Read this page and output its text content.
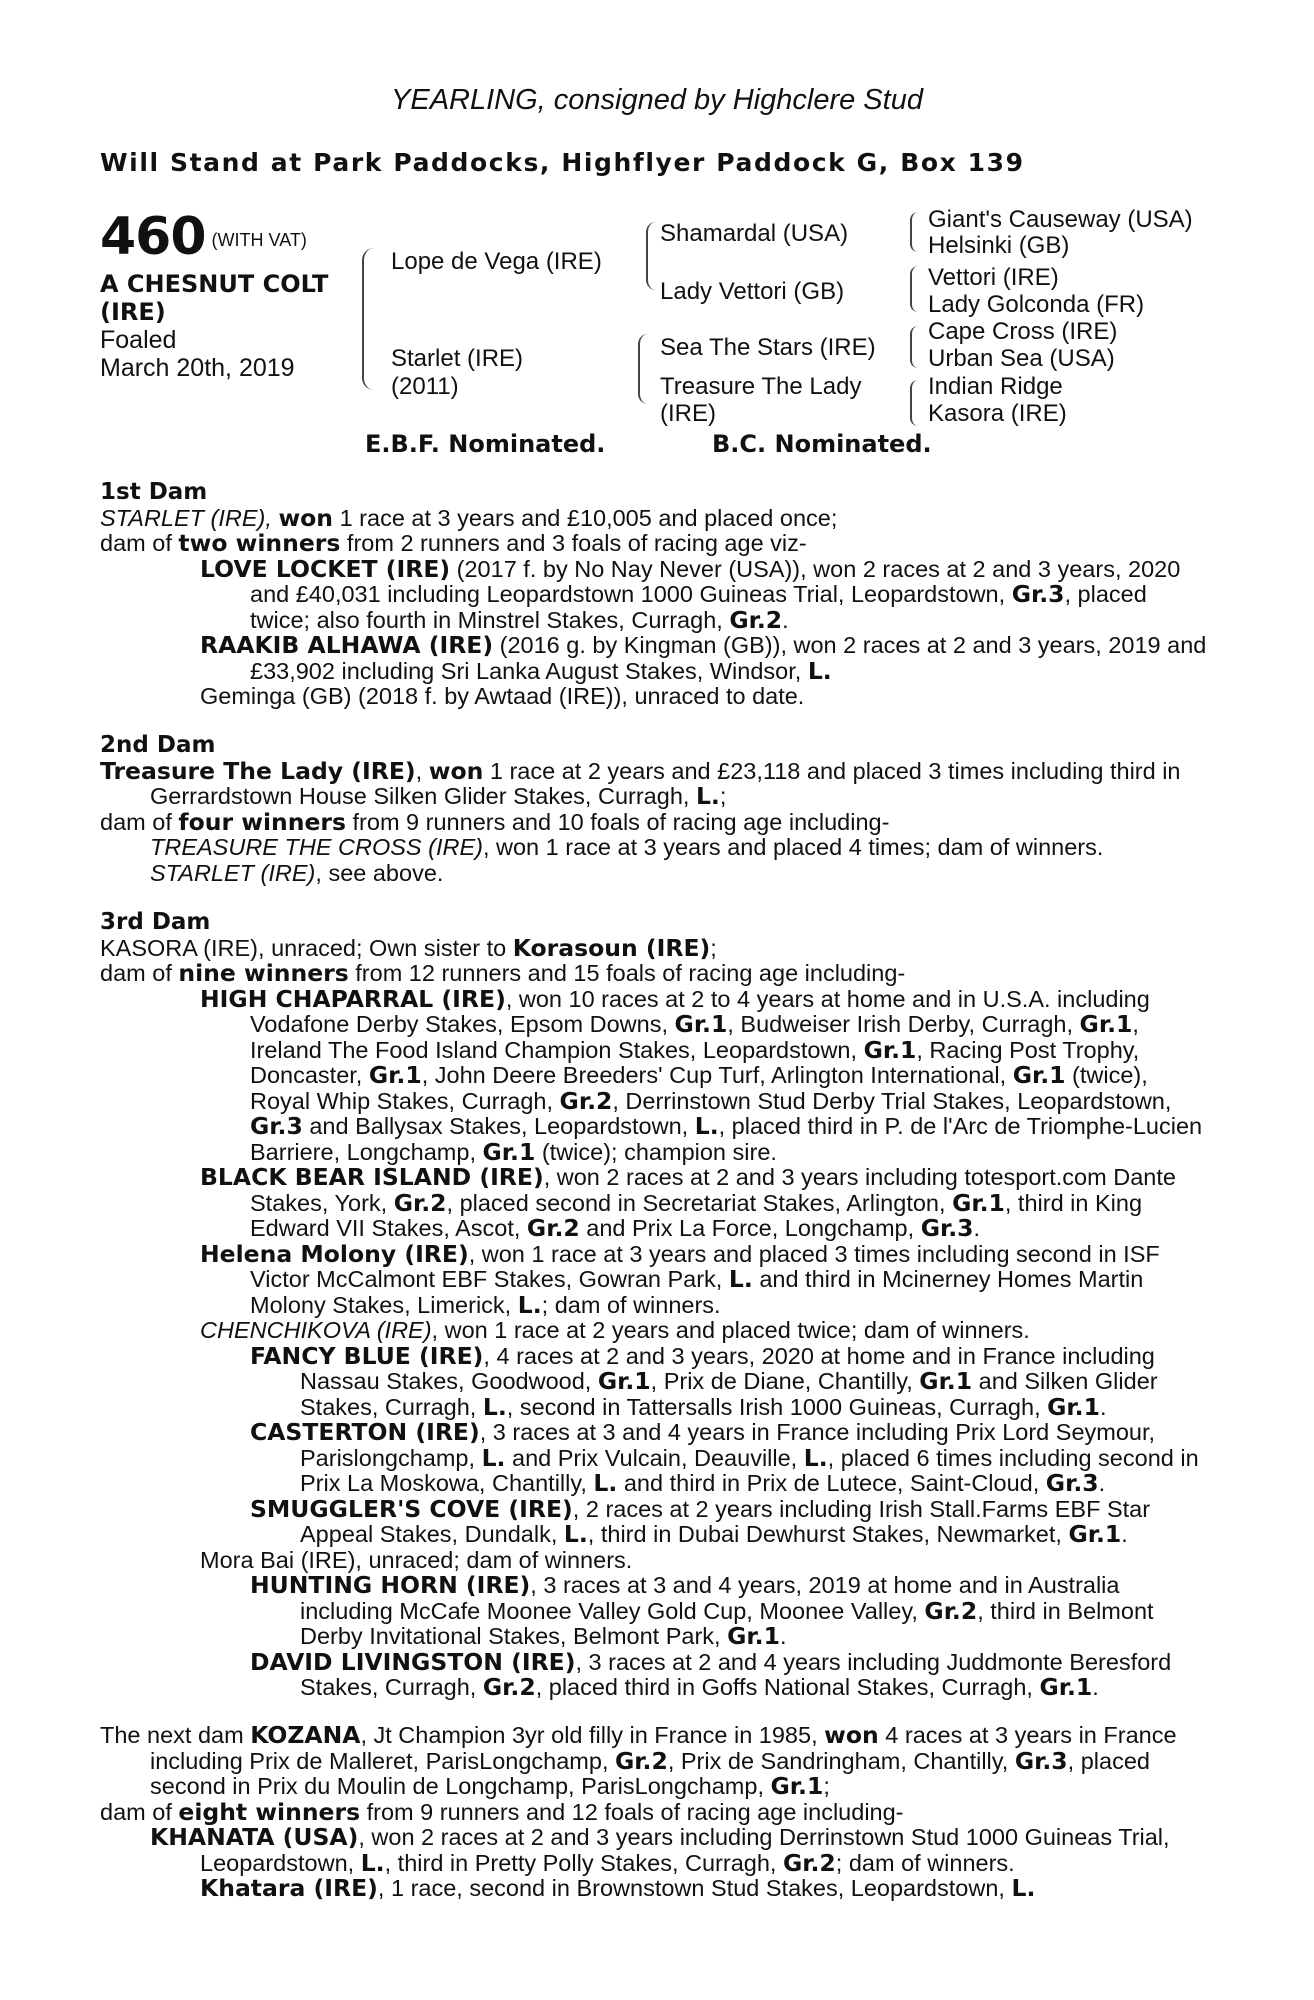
YEARLING, consigned by Highclere Stud
Will Stand at Park Paddocks, Highflyer Paddock G, Box 139
460 $^{(WITH VAT)}$
A CHESNUT COLT
(IRE)
Foaled
March 20th, 2019
Lope de Vega (IRE)
Starlet (IRE)
(2011)
Shamardal (USA)
Lady Vettori (GB)
Sea The Stars (IRE)
Treasure The Lady
(IRE)
Giant's Causeway (USA)
Helsinki (GB)
Vettori (IRE)
Lady Golconda (FR)
Cape Cross (IRE)
Urban Sea (USA)
Indian Ridge
Kasora (IRE)
E.B.F. Nominated.	B.C. Nominated.

1st Dam

STARLET (IRE), won 1 race at 3 years and £10,005 and placed once;

dam of two winners from 2 runners and 3 foals of racing age viz-

LOVE LOCKET (IRE) (2017 f. by No Nay Never (USA)), won 2 races at 2 and 3 years, 2020 and £40,031 including Leopardstown 1000 Guineas Trial, Leopardstown, Gr.3, placed twice; also fourth in Minstrel Stakes, Curragh, Gr.2.

RAAKIB ALHAWA (IRE) (2016 g. by Kingman (GB)), won 2 races at 2 and 3 years, 2019 and £33,902 including Sri Lanka August Stakes, Windsor, L.

Geminga (GB) (2018 f. by Awtaad (IRE)), unraced to date.

2nd Dam

Treasure The Lady (IRE), won 1 race at 2 years and £23,118 and placed 3 times including third in Gerrardstown House Silken Glider Stakes, Curragh, L.;

dam of four winners from 9 runners and 10 foals of racing age including-

TREASURE THE CROSS (IRE), won 1 race at 3 years and placed 4 times; dam of winners.

STARLET (IRE), see above.

3rd Dam

KASORA (IRE), unraced; Own sister to Korasoun (IRE);

dam of nine winners from 12 runners and 15 foals of racing age including-

HIGH CHAPARRAL (IRE), won 10 races at 2 to 4 years at home and in U.S.A. including Vodafone Derby Stakes, Epsom Downs, Gr.1, Budweiser Irish Derby, Curragh, Gr.1, Ireland The Food Island Champion Stakes, Leopardstown, Gr.1, Racing Post Trophy, Doncaster, Gr.1, John Deere Breeders' Cup Turf, Arlington International, Gr.1 (twice), Royal Whip Stakes, Curragh, Gr.2, Derrinstown Stud Derby Trial Stakes, Leopardstown, Gr.3 and Ballysax Stakes, Leopardstown, L., placed third in P. de l'Arc de Triomphe-Lucien Barriere, Longchamp, Gr.1 (twice); champion sire.

BLACK BEAR ISLAND (IRE), won 2 races at 2 and 3 years including totesport.com Dante Stakes, York, Gr.2, placed second in Secretariat Stakes, Arlington, Gr.1, third in King Edward VII Stakes, Ascot, Gr.2 and Prix La Force, Longchamp, Gr.3.

Helena Molony (IRE), won 1 race at 3 years and placed 3 times including second in ISF Victor McCalmont EBF Stakes, Gowran Park, L. and third in Mcinerney Homes Martin Molony Stakes, Limerick, L.; dam of winners.

CHENCHIKOVA (IRE), won 1 race at 2 years and placed twice; dam of winners.

FANCY BLUE (IRE), 4 races at 2 and 3 years, 2020 at home and in France including Nassau Stakes, Goodwood, Gr.1, Prix de Diane, Chantilly, Gr.1 and Silken Glider Stakes, Curragh, L., second in Tattersalls Irish 1000 Guineas, Curragh, Gr.1.

CASTERTON (IRE), 3 races at 3 and 4 years in France including Prix Lord Seymour, Parislongchamp, L. and Prix Vulcain, Deauville, L., placed 6 times including second in Prix La Moskowa, Chantilly, L. and third in Prix de Lutece, Saint-Cloud, Gr.3.

SMUGGLER'S COVE (IRE), 2 races at 2 years including Irish Stall.Farms EBF Star Appeal Stakes, Dundalk, L., third in Dubai Dewhurst Stakes, Newmarket, Gr.1.

Mora Bai (IRE), unraced; dam of winners.

HUNTING HORN (IRE), 3 races at 3 and 4 years, 2019 at home and in Australia including McCafe Moonee Valley Gold Cup, Moonee Valley, Gr.2, third in Belmont Derby Invitational Stakes, Belmont Park, Gr.1.

DAVID LIVINGSTON (IRE), 3 races at 2 and 4 years including Juddmonte Beresford Stakes, Curragh, Gr.2, placed third in Goffs National Stakes, Curragh, Gr.1.

The next dam KOZANA, Jt Champion 3yr old filly in France in 1985, won 4 races at 3 years in France including Prix de Malleret, ParisLongchamp, Gr.2, Prix de Sandringham, Chantilly, Gr.3, placed second in Prix du Moulin de Longchamp, ParisLongchamp, Gr.1;

dam of eight winners from 9 runners and 12 foals of racing age including-

KHANATA (USA), won 2 races at 2 and 3 years including Derrinstown Stud 1000 Guineas Trial, Leopardstown, L., third in Pretty Polly Stakes, Curragh, Gr.2; dam of winners.

Khatara (IRE), 1 race, second in Brownstown Stud Stakes, Leopardstown, L.
